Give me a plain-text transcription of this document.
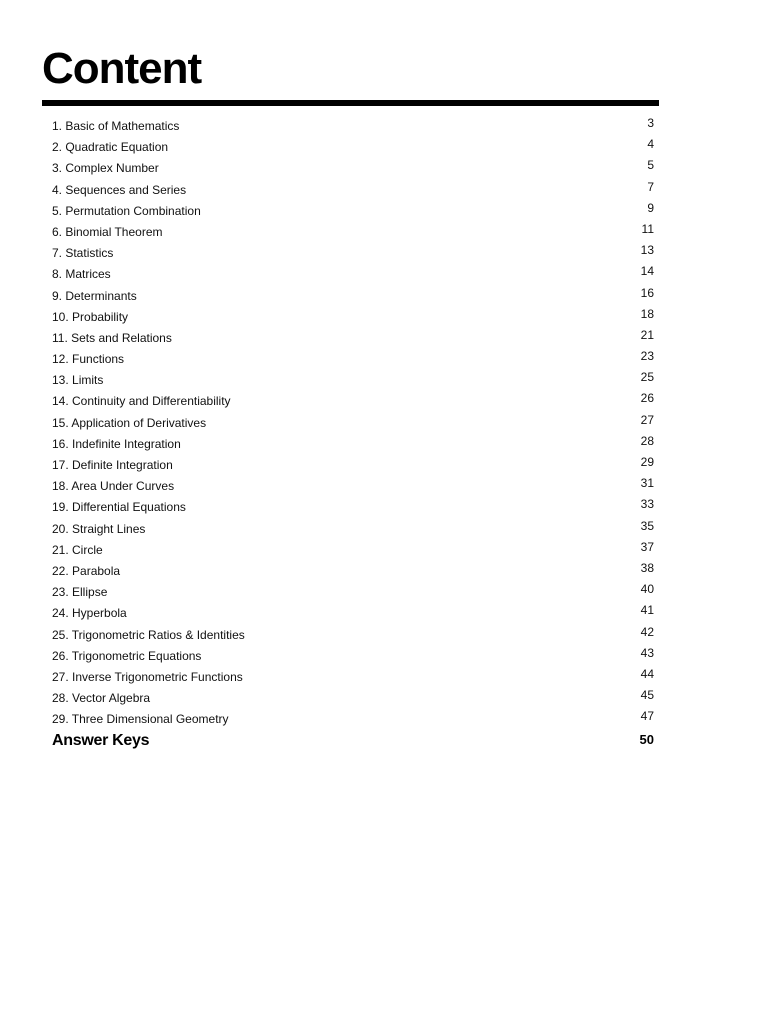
Content
1. Basic of Mathematics	3
2. Quadratic Equation	4
3. Complex Number	5
4. Sequences and Series	7
5. Permutation Combination	9
6. Binomial Theorem	11
7. Statistics	13
8. Matrices	14
9. Determinants	16
10. Probability	18
11. Sets and Relations	21
12. Functions	23
13. Limits	25
14. Continuity and Differentiability	26
15. Application of Derivatives	27
16. Indefinite Integration	28
17. Definite Integration	29
18. Area Under Curves	31
19. Differential Equations	33
20. Straight Lines	35
21. Circle	37
22. Parabola	38
23. Ellipse	40
24. Hyperbola	41
25. Trigonometric Ratios & Identities	42
26. Trigonometric Equations	43
27. Inverse Trigonometric Functions	44
28. Vector Algebra	45
29. Three Dimensional Geometry	47
Answer Keys	50
